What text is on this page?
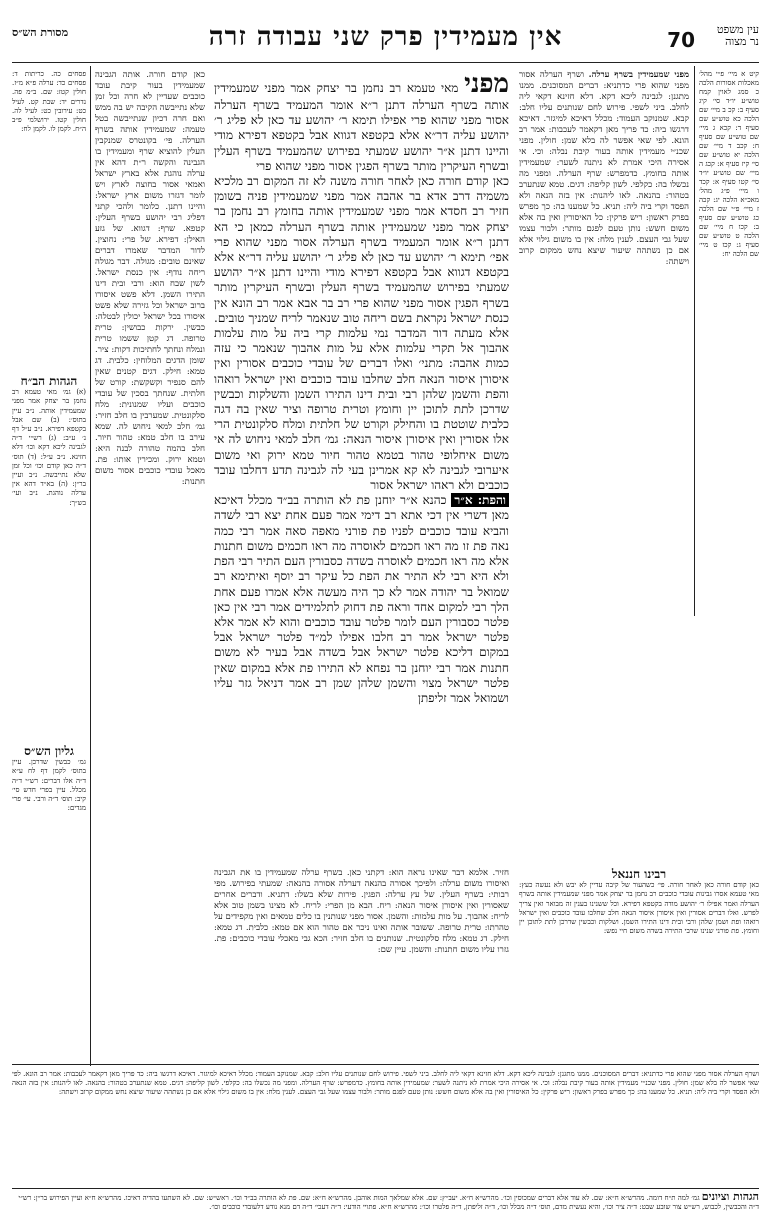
עין משפט נר מצוה
70
אין מעמידין פרק שני עבודה זרה
מסורת הש״ס

קיט א מיי׳ פ״י מהל׳ מאכלות אסורות הלכה כ סמג לאוין קמח טוש״ע יו״ד סי׳ קיג סעיף ב: קכ ב מיי׳ שם הלכה כא טוש״ע שם סעיף ד: קכא ג מיי׳ שם טוש״ע שם סעיף ח: קכב ד מיי׳ שם הלכה יא טוש״ע שם סי׳ קיז סעיף א: קכג ה מיי׳ שם טוש״ע יו״ד סי׳ קטו סעיף א: קכד ו מיי׳ פ״ג מהל׳ מאכ״א הלכה יג: קכה ז מיי׳ פ״י שם הלכה כג טוש״ע שם סעיף ב: קכו ח מיי׳ שם הלכה ט טוש״ע שם סעיף ג: קכז ט מיי׳ שם הלכה יח:

מפני שמעמידין בשרף ערלה. ושרף הערלה אסור מפני שהוא פרי כדתניא: דברים המסוכנים. ממנו מתגנן: לגבינה ליכא דקא. דלא חזינא דקאי ליה לחלב. ביני לשפי. פירוש לחם שנותנים עליו חלב: קבא. שמנוקב העמוד: מכלל דאיכא למיגזר. דאיכא דרגשו ביה: כד פריך מאן דקאמר לעכבות: אמר רב הונא. לפי שאי אפשר לה בלא שמן: חולין. מפני שכנ״י מעמידין אותה בעור קיבת נבלה: וכי. אי אסירה היכי אמרת לא ניתנה לשער: שמעמידין אותה בחומץ. כדמפרש: שרף הערלה. ומפני מה נכשלו בה: כקלפי. לשון קליפה: דגים. טמא שנתערב בטהור: בהנאה. לאו ליהנות: אין בזה הנאה ולא הפסד וקרי ביה ליה: תניא. כל שמענו בה: כך מפרש בפרק ראשון: ריש פרקין: כל האיסורין ואין בה אלא משום חשש: נותן טעם לפגם מותר: ולבור עצמו שעל גבי העצם. לענין מלח: אין בו משום גילוי אלא אם כן נשתהה שיעור שיצא נחש ממקום קרוב וישתה:

מפני מאי טעמא רב נחמן בר יצחק אמר מפני שמעמידין אותה בשרף הערלה דתנן ר״א אומר המעמיד בשרף הערלה אסור מפני שהוא פרי אפילו תימא ר׳ יהושע עד כאן לא פליג ר׳ יהושע עליה דר״א אלא בקטפא דגווא אבל בקטפא דפירא מודי והיינו דתנן א״ר יהושע שמעתי בפירוש שהמעמיד בשרף העלין ובשרף העיקרין מותר בשרף הפגין אסור מפני שהוא פרי

כאן קודם חורה כאן לאחר חורה משנה לא זה המקום רב מלכיא משמיה דרב אדא בר אהבה אמר מפני שמעמידין פניה בשומן חזיר רב חסדא אמר מפני שמעמידין אותה בחומץ רב נחמן בר יצחק אמר מפני שמעמידין אותה בשרף הערלה כמאן כי הא דתנן ר״א אומר המעמיד בשרף הערלה אסור מפני שהוא פרי אפי׳ תימא ר׳ יהושע עד כאן לא פליג ר׳ יהושע עליה דר״א אלא בקטפא דגווא אבל בקטפא דפירא מודי והיינו דתנן א״ר יהושע שמעתי בפירוש שהמעמיד בשרף העלין ובשרף העיקרין מותר בשרף הפגין אסור מפני שהוא פרי רב בר אבא אמר רב הונא אין כנסת ישראל נקראת בשם ריחה טוב שנאמר לריח שמניך טובים. אלא מעתה דור המדבר נמי עלמות קרי ביה על מות עלמות אהבוך אל תקרי עלמות אלא על מות אהבוך שנאמר כי עזה כמות אהבה: מתני׳ ואלו דברים של עובדי כוכבים אסורין ואין איסורן איסור הנאה חלב שחלבו עובד כוכבים ואין ישראל רואהו והפת והשמן שלהן רבי ובית דינו התירו השמן והשלקות וכבשין שדרכן לתת לתוכן יין וחומץ וטרית טרופה וציר שאין בה דגה כלבית שוטטת בו והחילק וקורט של חלתית ומלח סלקונטית הרי אלו אסורין ואין איסורן איסור הנאה: גמ׳ חלב למאי ניחוש לה אי משום איחלופי טהור בטמא טהור חיור טמא ירוק ואי משום איערובי לגבינה לא קא אמרינן בעי לה לגבינה תדע דחלבו עובד כוכבים ולא ראהו ישראל אסור

והפת: א״ר כהנא א״ר יוחנן פת לא הותרה בב״ד מכלל דאיכא מאן דשרי אין דכי אתא רב דימי אמר פעם אחת יצא רבי לשדה והביא עובד כוכבים לפניו פת פורני מאפה סאה אמר רבי כמה נאה פת זו מה ראו חכמים לאוסרה מה ראו חכמים משום חתנות אלא מה ראו חכמים לאוסרה בשדה כסבורין העם התיר רבי הפת ולא היא רבי לא התיר את הפת כל עיקר רב יוסף ואיתימא רב שמואל בר יהודה אמר לא כך היה מעשה אלא אמרו פעם אחת הלך רבי למקום אחד וראה פת דחוק לתלמידים אמר רבי אין כאן פלטר כסבורין העם לומר פלטר עובד כוכבים והוא לא אמר אלא פלטר ישראל אמר רב חלבו אפילו למ״ד פלטר ישראל אבל במקום דליכא פלטר ישראל אבל בשדה אבל בעיר לא משום חתנות אמר רבי יוחנן בר נפחא לא התירו פת אלא במקום שאין פלטר ישראל מצוי והשמן שלהן שמן רב אמר דניאל גזר עליו ושמואל אמר זליפתן

כאן קודם חורה. אותה הגבינה שמעמידין בעור קיבת עובד כוכבים שעדיין לא חרה וכל זמן שלא נתייבשה הקיבה יש בה ממש ואם חרה דכיון שנתייבשה בטל טעמה: שמעמידין אותה בשרף הערלה. פי׳ בקונטרס שמנקבין העלין להוציא שרף ומעמידין בו הגבינה והקשה ר״ת דהא אין ערלה נוהגת אלא בארץ ישראל ואמאי אסור בחוצה לארץ ויש לומר דגזרו משום ארץ ישראל: והיינו דתנן. כלומר ולהכי קתני דפליג רבי יהושע בשרף העלין: קטפא. שרף: דגווא. של גזע האילן: דפירא. של פרי: נחוצין. לדור המדבר שאמרו דברים שאינם טובים: מגולה. דבר מגולה ריחה נודף: אין כנסת ישראל. לשון שבח הוא: ורבי ובית דינו התירו השמן. דלא פשט איסורו ברוב ישראל וכל גזירה שלא פשט איסורו בכל ישראל יכולין לבטלה: כבשין. ירקות כבושין: טרית טרופה. דג קטן ששמו טרית ונמלח ונחתך לחתיכות דקות: ציר. שומן הדגים המלוחין: כלבית. דג טמא: חילק. דגים קטנים שאין להם סנפיר וקשקשת: קורט של חלתית. שנחתך בסכין של עובדי כוכבים ועליו שמנונית: מלח סלקונטית. שמערבין בו חלב חזיר: גמ׳ חלב למאי ניחוש לה. שמא עירב בו חלב טמא: טהור חיור. חלב בהמה טהורה לבנה היא: וטמא ירוק. ומכירין אותו: פת. מאכל עובדי כוכבים אסור משום חתנות:

פסחים כה. כריתות ד: פסחים כד: ערלה פ״א מ״ז. חולין קטז: שם. ב״מ פה. נדרים יד: שבת קט. לעיל כט: עירובין כט: לעיל לה. חולין קטז. ירושלמי פ״ב ה״ח. לקמן לו. לקמן לח:

הגהות הב״ח

(א) גמ׳ מאי טעמא רב נחמן בר יצחק אמר מפני שמעמידין אותה. נ״ב עיין בתוס׳: (ב) שם אבל בקטפא דפירא. נ״ב ע״ל דף נ׳ ע״ב: (ג) רש״י ד״ה לגבינה ליכא דקא וכו׳ דלא חזינא. נ״ב ע״ל: (ד) תוס׳ ד״ה כאן קודם וכו׳ וכל זמן שלא נתייבשה. נ״ב ועיין בר״ן: (ה) בא״ד דהא אין ערלה נוהגת. נ״ב ועי׳ בש״ך:

גליון הש״ס

גמ׳ כבשין שדרכן. עיין בתוס׳ לקמן דף לח ע״א ד״ה אלו דברים: רש״י ד״ה מכלל. עיין בפרי חדש סי׳ קיב: תוס׳ ד״ה ורבי. עי׳ פרי מגדים:

רבינו חננאל

כאן קודם חורה כאן לאחר חורה. פי׳ כשהעור של קיבה עדיין לא יבש ולא נעשה כעץ: מאי טעמא אסרו גבינות עובדי כוכבים רב נחמן בר יצחק אמר מפני שמעמידין אותה בשרף הערלה ואמר אפילו ר׳ יהושע מודה בקטפא דפירא. וכל ששנינו בענין זה מבואר ואין צריך לפרש. ואלו דברים אסורין ואין איסורן איסור הנאה חלב שחלבו עובד כוכבים ואין ישראל רואהו ופת ושמן שלהן ורבי ובית דינו התירו השמן. ושלקות וכבשין שדרכן לתת לתוכן יין וחומץ. פת פורני שנינו שרבי התירה בשדה משום חיי נפש:

חזיר. אלמא דבר שאינו נראה הוא: דקתני כאן. בשרף ערלה שמעמידין בו את הגבינה ואיסורו משום ערלה: ולפיכך אסורה בהנאה דערלה אסורה בהנאה: שמעתי בפירוש. מפי רבותי: בשרף העלין. של עץ ערלה: הפגין. פירות שלא בשלו: דתניא. ודברים אחרים שאסורין ואין איסורן איסור הנאה: ריח. הבא מן הפרי: לריח. לא מצינו בשמן טוב אלא לריח: אהבוך. על מות עלמות: והשמן. אסור מפני שנותנין בו כלים טמאים ואין מקפידים על טהרתו: טרית טרופה. ששובר אותה ואינו ניכר אם טהור הוא אם טמא: כלבית. דג טמא: חילק. דג טמא: מלח סלקונטית. שנותנים בו חלב חזיר: הכא גבי מאכלי עובדי כוכבים: פת. גזרו עליו משום חתנות: והשמן. עיין שם:

ושרף הערלה אסור מפני שהוא פרי כדתניא: דברים המסוכנים. ממנו מתגנן: לגבינה ליכא דקא. דלא חזינא דקאי ליה לחלב. ביני לשפי. פירוש לחם שנותנים עליו חלב: קבא. שמנוקב העמוד: מכלל דאיכא למיגזר. דאיכא דרגשו ביה: כד פריך מאן דקאמר לעכבות: אמר רב הונא. לפי שאי אפשר לה בלא שמן: חולין. מפני שכנ״י מעמידין אותה בעור קיבת נבלה: וכי. אי אסירה היכי אמרת לא ניתנה לשער: שמעמידין אותה בחומץ. כדמפרש: שרף הערלה. ומפני מה נכשלו בה: כקלפי. לשון קליפה: דגים. טמא שנתערב בטהור: בהנאה. לאו ליהנות: אין בזה הנאה ולא הפסד וקרי ביה ליה: תניא. כל שמענו בה: כך מפרש בפרק ראשון: ריש פרקין: כל האיסורין ואין בה אלא משום חשש: נותן טעם לפגם מותר: ולבור עצמו שעל גבי העצם. לענין מלח: אין בו משום גילוי אלא אם כן נשתהה שיעור שיצא נחש ממקום קרוב וישתה:

הגהות וציונים גמ׳ למה ת״ח דומה. מהרש״א ח״א: שם. לא עוד אלא דברים שמכוסין וכו׳. מהרש״א ח״א. יעב״ץ: שם. אלא שמלאך המות אוהבן. מהרש״א ח״א: שם. פת לא הותרה בב״ד וכו׳. ראש״ש: שם. לא השתעו בהדיה דאיכו. מהרש״א ח״א ועיין הפירוש בר״ן: רש״י ד״ה והכבשין, לכבוש, רש״ש צור שובע שבט: ד״ה ציר וכו׳, והיא נעשית מדם, תוס׳ ד״ה מכלל וכו׳, ד״ה זליפתן, ד״ה פלטרו וכו׳: מהרש״א ח״א. פתויי הודעי: ד״ה דעכי׳ ד״ה דם מנא נודע דלעובדי כוכבים וכו׳.
